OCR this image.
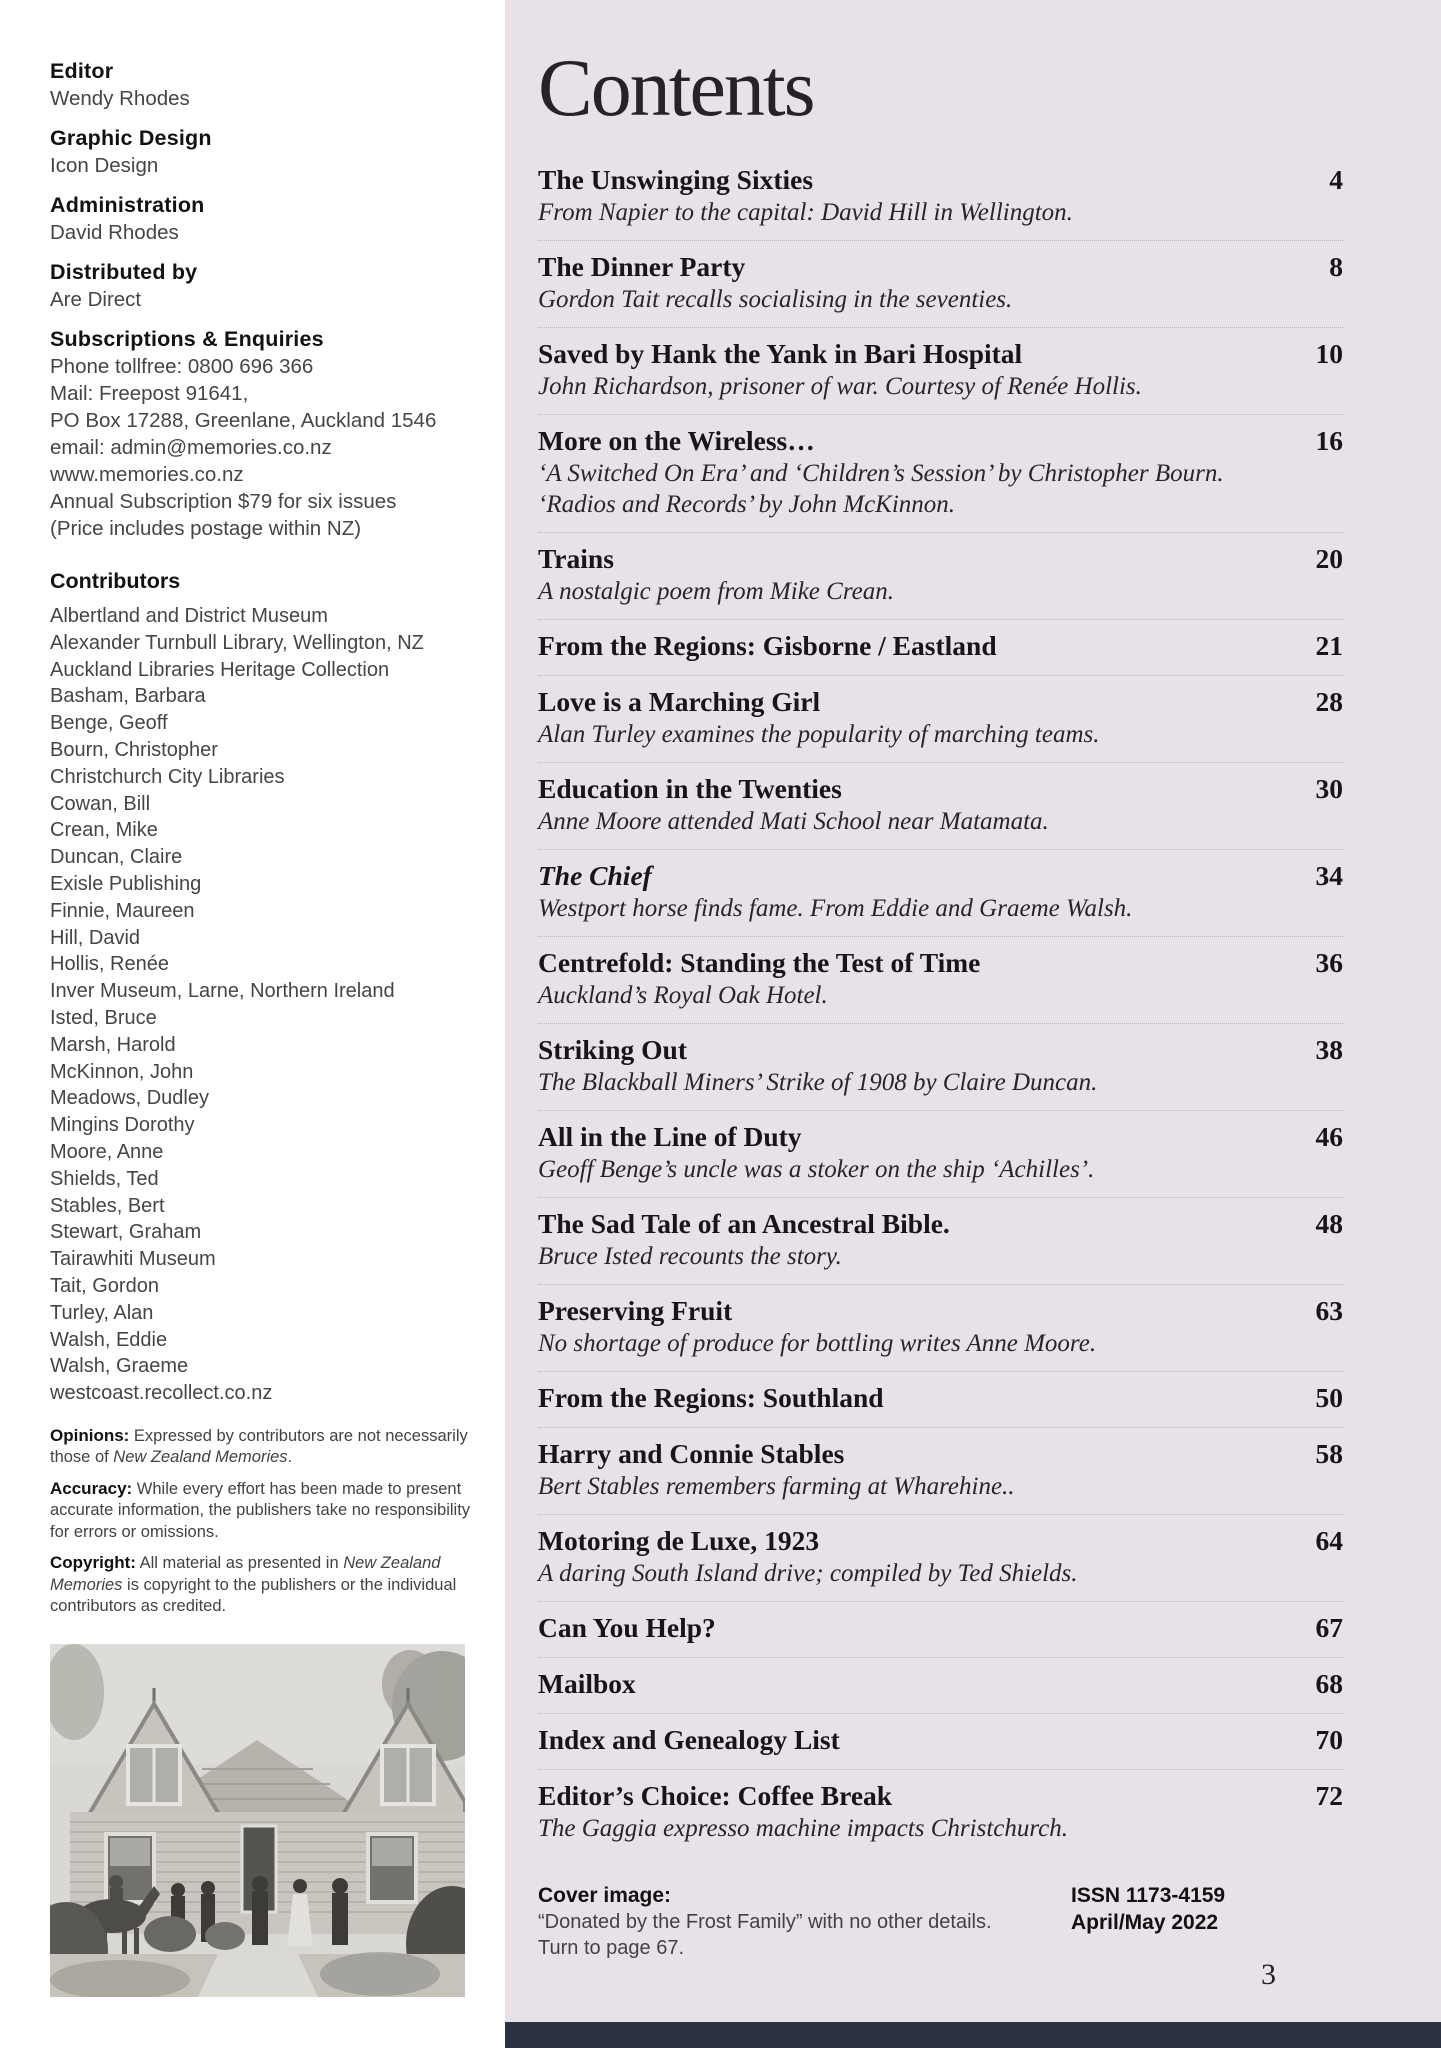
Editor
Wendy Rhodes
Graphic Design
Icon Design
Administration
David Rhodes
Distributed by
Are Direct
Subscriptions & Enquiries
Phone tollfree: 0800 696 366
Mail: Freepost 91641,
PO Box 17288, Greenlane, Auckland 1546
email: admin@memories.co.nz
www.memories.co.nz
Annual Subscription $79 for six issues
(Price includes postage within NZ)
Contributors
Albertland and District Museum
Alexander Turnbull Library, Wellington, NZ
Auckland Libraries Heritage Collection
Basham, Barbara
Benge, Geoff
Bourn, Christopher
Christchurch City Libraries
Cowan, Bill
Crean, Mike
Duncan, Claire
Exisle Publishing
Finnie, Maureen
Hill, David
Hollis, Renée
Inver Museum, Larne, Northern Ireland
Isted, Bruce
Marsh, Harold
McKinnon, John
Meadows, Dudley
Mingins Dorothy
Moore, Anne
Shields, Ted
Stables, Bert
Stewart, Graham
Tairawhiti Museum
Tait, Gordon
Turley, Alan
Walsh, Eddie
Walsh, Graeme
westcoast.recollect.co.nz

Opinions: Expressed by contributors are not necessarily those of New Zealand Memories.

Accuracy: While every effort has been made to present accurate information, the publishers take no responsibility for errors or omissions.

Copyright: All material as presented in New Zealand Memories is copyright to the publishers or the individual contributors as credited.

Contents
The Unswinging Sixties
From Napier to the capital: David Hill in Wellington.
4
The Dinner Party
Gordon Tait recalls socialising in the seventies.
8
Saved by Hank the Yank in Bari Hospital
John Richardson, prisoner of war. Courtesy of Renée Hollis.
10
More on the Wireless…
‘A Switched On Era’ and ‘Children’s Session’ by Christopher Bourn.
‘Radios and Records’ by John McKinnon.
16
Trains
A nostalgic poem from Mike Crean.
20
From the Regions: Gisborne / Eastland	21
Love is a Marching Girl
Alan Turley examines the popularity of marching teams.
28
Education in the Twenties
Anne Moore attended Mati School near Matamata.
30
The Chief
Westport horse finds fame. From Eddie and Graeme Walsh.
34
Centrefold: Standing the Test of Time
Auckland’s Royal Oak Hotel.
36
Striking Out
The Blackball Miners’ Strike of 1908 by Claire Duncan.
38
All in the Line of Duty
Geoff Benge’s uncle was a stoker on the ship ‘Achilles’.
46
The Sad Tale of an Ancestral Bible.
Bruce Isted recounts the story.
48
Preserving Fruit
No shortage of produce for bottling writes Anne Moore.
63
From the Regions: Southland	50
Harry and Connie Stables
Bert Stables remembers farming at Wharehine..
58
Motoring de Luxe, 1923
A daring South Island drive; compiled by Ted Shields.
64
Can You Help?	67
Mailbox	68
Index and Genealogy List	70
Editor’s Choice: Coffee Break
The Gaggia expresso machine impacts Christchurch.
72
Cover image:
“Donated by the Frost Family” with no other details.
Turn to page 67.
ISSN 1173-4159
April/May 2022
3
